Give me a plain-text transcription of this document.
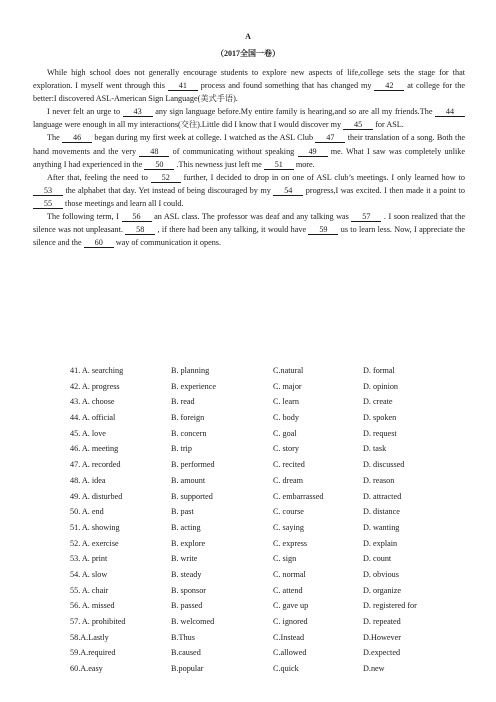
A
（2017全国一卷）

While high school does not generally encourage students to explore new aspects of life,college sets the stage for that exploration. I myself went through this 41 process and found something that has changed my 42 at college for the better:I discovered ASL-American Sign Language(美式手语).

I never felt an urge to 43 any sign language before.My entire family is hearing,and so are all my friends.The 44 language were enough in all my interactions(交往).Little did I know that I would discover my 45 for ASL.

The 46 began during my first week at college. I watched as the ASL Club 47 their translation of a song. Both the hand movements and the very 48 of communicating without speaking 49 me. What I saw was completely unlike anything I had experienced in the 50 .This newness just left me 51 more.

After that, feeling the need to 52 further, I decided to drop in on one of ASL club’s meetings. I only learned how to 53 the alphabet that day. Yet instead of being discouraged by my 54 progress,I was excited. I then made it a point to 55 those meetings and learn all I could.

The following term, I 56 an ASL class. The professor was deaf and any talking was 57 . I soon realized that the silence was not unpleasant. 58 , if there had been any talking, it would have 59 us to learn less. Now, I appreciate the silence and the 60 way of communication it opens.

41. A. searching	B. planning	C.natural	D. formal
42. A. progress	B. experience	C. major	D. opinion
43. A. choose	B. read	C. learn	D. create
44. A. official	B. foreign	C. body	D. spoken
45. A. love	B. concern	C. goal	D. request
46. A. meeting	B. trip	C. story	D. task
47. A. recorded	B. performed	C. recited	D. discussed
48. A. idea	B. amount	C. dream	D. reason
49. A. disturbed	B. supported	C. embarrassed	D. attracted
50. A. end	B. past	C. course	D. distance
51. A. showing	B. acting	C. saying	D. wanting
52. A. exercise	B. explore	C. express	D. explain
53. A. print	B. write	C. sign	D. count
54. A. slow	B. steady	C. normal	D. obvious
55. A. chair	B. sponsor	C. attend	D. organize
56. A. missed	B. passed	C. gave up	D. registered for
57. A. prohibited	B. welcomed	C. ignored	D. repeated
58.A.Lastly	B.Thus	C.Instead	D.However
59.A.required	B.caused	C.allowed	D.expected
60.A.easy	B.popular	C.quick	D.new
